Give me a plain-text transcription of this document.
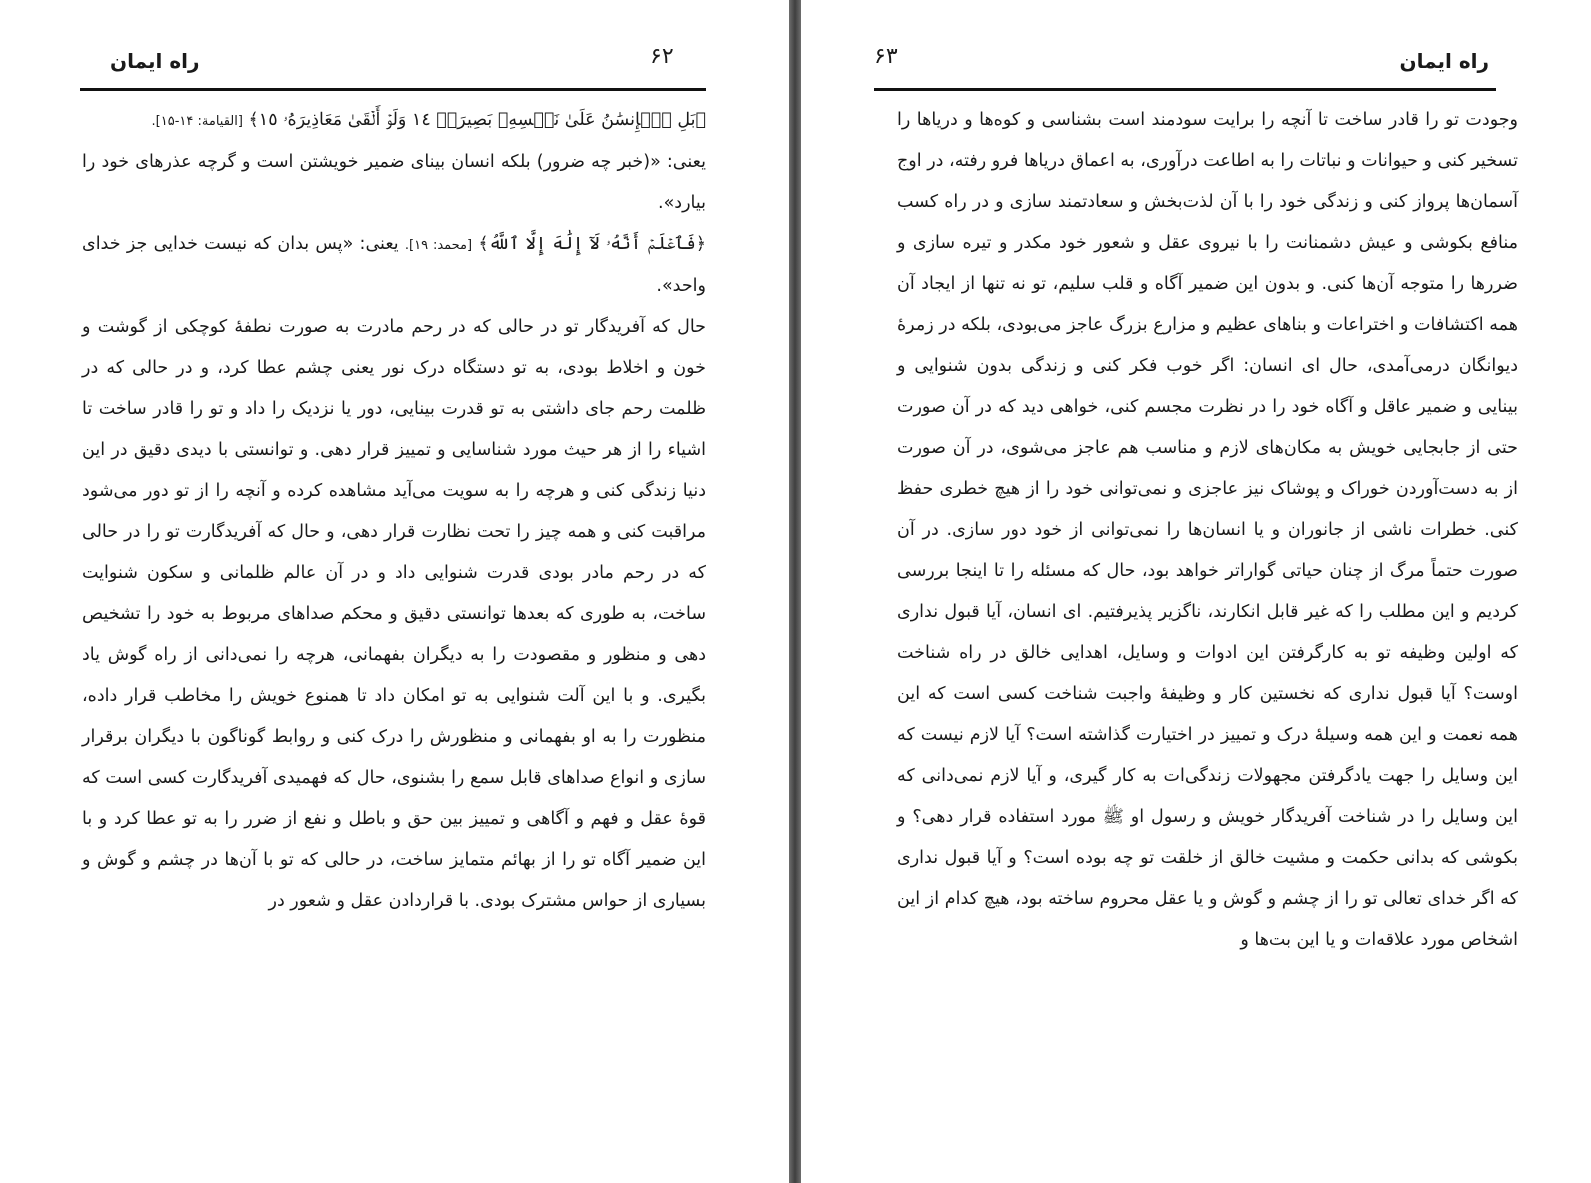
راه ایمان	۶۲

﴿بَلِ ٱلۡإِنسَٰنُ عَلَىٰ نَفۡسِهِۦ بَصِيرَةٞ ١٤ وَلَوۡ أَلۡقَىٰ مَعَاذِيرَهُۥ ١٥﴾ [القیامة: ۱۴-۱۵].

یعنی: «(خبر چه ضرور) بلکه انسان بینای ضمیر خویشتن است و گرچه عذرهای خود را بیارد».

﴿فَٱعۡلَمۡ أَنَّهُۥ لَآ إِلَٰهَ إِلَّا ٱللَّهُ﴾ [محمد: ۱۹]. یعنی: «پس بدان که نیست خدایی جز خدای واحد».

حال که آفریدگار تو در حالی که در رحم مادرت به صورت نطفۀ کوچکی از گوشت و خون و اخلاط بودی، به تو دستگاه درک نور یعنی چشم عطا کرد، و در حالی که در ظلمت رحم جای داشتی به تو قدرت بینایی، دور یا نزدیک را داد و تو را قادر ساخت تا اشیاء را از هر حیث مورد شناسایی و تمییز قرار دهی. و توانستی با دیدی دقیق در این دنیا زندگی کنی و هرچه را به سویت می‌آید مشاهده کرده و آنچه را از تو دور می‌شود مراقبت کنی و همه چیز را تحت نظارت قرار دهی، و حال که آفریدگارت تو را در حالی که در رحم مادر بودی قدرت شنوایی داد و در آن عالم ظلمانی و سکون شنوایت ساخت، به طوری که بعدها توانستی دقیق و محکم صداهای مربوط به خود را تشخیص دهی و منظور و مقصودت را به دیگران بفهمانی، هرچه را نمی‌دانی از راه گوش یاد بگیری. و با این آلت شنوایی به تو امکان داد تا همنوع خویش را مخاطب قرار داده، منظورت را به او بفهمانی و منظورش را درک کنی و روابط گوناگون با دیگران برقرار سازی و انواع صداهای قابل سمع را بشنوی، حال که فهمیدی آفریدگارت کسی است که قوۀ عقل و فهم و آگاهی و تمییز بین حق و باطل و نفع از ضرر را به تو عطا کرد و با این ضمیر آگاه تو را از بهائم متمایز ساخت، در حالی که تو با آن‌ها در چشم و گوش و بسیاری از حواس مشترک بودی. با قراردادن عقل و شعور در

راه ایمان
۶۳

وجودت تو را قادر ساخت تا آنچه را برایت سودمند است بشناسی و کوه‌ها و دریاها را تسخیر کنی و حیوانات و نباتات را به اطاعت درآوری، به اعماق دریاها فرو رفته، در اوج آسمان‌ها پرواز کنی و زندگی خود را با آن لذت‌بخش و سعادتمند سازی و در راه کسب منافع بکوشی و عیش دشمنانت را با نیروی عقل و شعور خود مکدر و تیره سازی و ضررها را متوجه آن‌ها کنی. و بدون این ضمیر آگاه و قلب سلیم، تو نه تنها از ایجاد آن همه اکتشافات و اختراعات و بناهای عظیم و مزارع بزرگ عاجز می‌بودی، بلکه در زمرۀ دیوانگان درمی‌آمدی، حال ای انسان: اگر خوب فکر کنی و زندگی بدون شنوایی و بینایی و ضمیر عاقل و آگاه خود را در نظرت مجسم کنی، خواهی دید که در آن صورت حتی از جابجایی خویش به مکان‌های لازم و مناسب هم عاجز می‌شوی، در آن صورت از به دست‌آوردن خوراک و پوشاک نیز عاجزی و نمی‌توانی خود را از هیچ خطری حفظ کنی. خطرات ناشی از جانوران و یا انسان‌ها را نمی‌توانی از خود دور سازی. در آن صورت حتماً مرگ از چنان حیاتی گواراتر خواهد بود، حال که مسئله را تا اینجا بررسی کردیم و این مطلب را که غیر قابل انکارند، ناگزیر پذیرفتیم. ای انسان، آیا قبول نداری که اولین وظیفه تو به کارگرفتن این ادوات و وسایل، اهدایی خالق در راه شناخت اوست؟ آیا قبول نداری که نخستین کار و وظیفۀ واجبت شناخت کسی است که این همه نعمت و این همه وسیلۀ درک و تمییز در اختیارت گذاشته است؟ آیا لازم نیست که این وسایل را جهت یادگرفتن مجهولات زندگی‌ات به کار گیری، و آیا لازم نمی‌دانی که این وسایل را در شناخت آفریدگار خویش و رسول او ﷺ مورد استفاده قرار دهی؟ و بکوشی که بدانی حکمت و مشیت خالق از خلقت تو چه بوده است؟ و آیا قبول نداری که اگر خدای تعالی تو را از چشم و گوش و یا عقل محروم ساخته بود، هیچ کدام از این اشخاص مورد علاقه‌ات و یا این بت‌ها و
